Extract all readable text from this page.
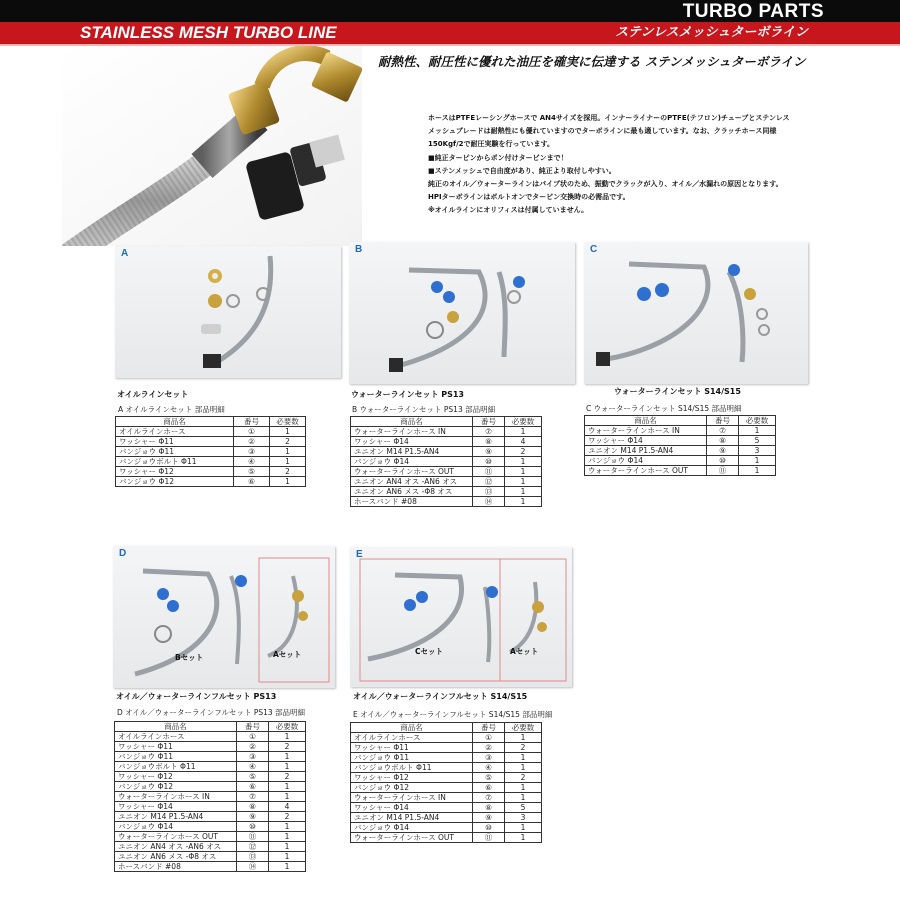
TURBO PARTS
STAINLESS MESH TURBO LINE	ステンレスメッシュターボライン
耐熱性、耐圧性に優れた油圧を確実に伝達する ステンメッシュターボライン
ホースはPTFEレーシングホースで AN4サイズを採用。インナーライナーのPTFE(テフロン)チューブとステンレス
メッシュブレードは耐熱性にも優れていますのでターボラインに最も適しています。なお、クラッチホース同様
150Kgf/2で耐圧実験を行っています。
■純正ターピンからポン付けタービンまで！
■ステンメッシュで自由度があり、純正より取付しやすい。
純正のオイル／ウォーターラインはパイプ状のため、振動でクラックが入り、オイル／水漏れの原因となります。
HPIターボラインはボルトオンでタービン交換時の必需品です。
※オイルラインにオリフィスは付属していません。
A
オイルラインセット
B
ウォーターラインセット PS13
C
ウォーターラインセット S14/S15
A オイルラインセット 部品明細
商品名	番号	必要数
オイルラインホース	①	1
ワッシャー Φ11	②	2
バンジョウ Φ11	③	1
バンジョウボルト Φ11	④	1
ワッシャー Φ12	⑤	2
バンジョウ Φ12	⑥	1
B ウォーターラインセット PS13 部品明細
商品名	番号	必要数
ウォーターラインホース IN	⑦	1
ワッシャー Φ14	⑧	4
ユニオン M14 P1.5-AN4	⑨	2
バンジョウ Φ14	⑩	1
ウォーターラインホース OUT	⑪	1
ユニオン AN4 オス -AN6 オス	⑫	1
ユニオン AN6 メス -Φ8 オス	⑬	1
ホースバンド #08	⑭	1
C ウォーターラインセット S14/S15 部品明細
商品名	番号	必要数
ウォーターラインホース IN	⑦	1
ワッシャー Φ14	⑧	5
ユニオン M14 P1.5-AN4	⑨	3
バンジョウ Φ14	⑩	1
ウォーターラインホース OUT	⑪	1
D
Bセット	Aセット
オイル／ウォーターラインフルセット PS13
E
Cセット	Aセット
オイル／ウォーターラインフルセット S14/S15
D オイル／ウォーターラインフルセット PS13 部品明細
商品名	番号	必要数
オイルラインホース	①	1
ワッシャー Φ11	②	2
バンジョウ Φ11	③	1
バンジョウボルト Φ11	④	1
ワッシャー Φ12	⑤	2
バンジョウ Φ12	⑥	1
ウォーターラインホース IN	⑦	1
ワッシャー Φ14	⑧	4
ユニオン M14 P1.5-AN4	⑨	2
バンジョウ Φ14	⑩	1
ウォーターラインホース OUT	⑪	1
ユニオン AN4 オス -AN6 オス	⑫	1
ユニオン AN6 メス -Φ8 オス	⑬	1
ホースバンド #08	⑭	1
E オイル／ウォーターラインフルセット S14/S15 部品明細
商品名	番号	必要数
オイルラインホース	①	1
ワッシャー Φ11	②	2
バンジョウ Φ11	③	1
バンジョウボルト Φ11	④	1
ワッシャー Φ12	⑤	2
バンジョウ Φ12	⑥	1
ウォーターラインホース IN	⑦	1
ワッシャー Φ14	⑧	5
ユニオン M14 P1.5-AN4	⑨	3
バンジョウ Φ14	⑩	1
ウォーターラインホース OUT	⑪	1
